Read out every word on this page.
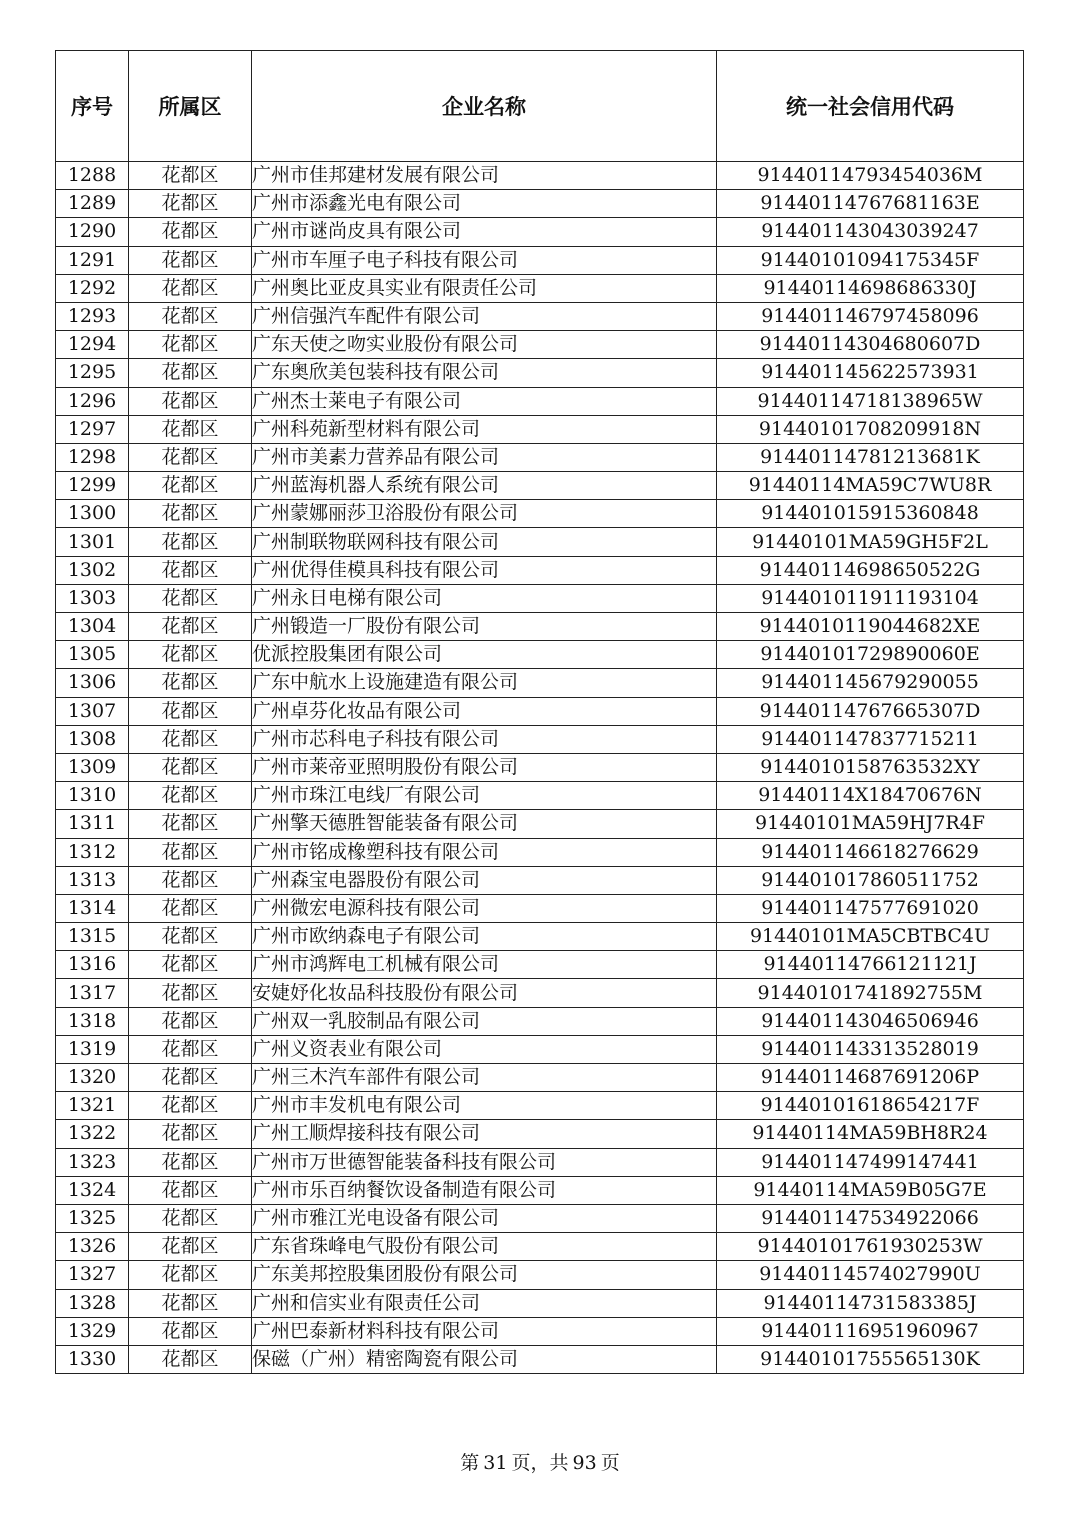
序号	所属区	企业名称	统一社会信用代码
1288	花都区	广州市佳邦建材发展有限公司	91440114793454036M
1289	花都区	广州市添鑫光电有限公司	91440114767681163E
1290	花都区	广州市谜尚皮具有限公司	914401143043039247
1291	花都区	广州市车厘子电子科技有限公司	91440101094175345F
1292	花都区	广州奥比亚皮具实业有限责任公司	91440114698686330J
1293	花都区	广州信强汽车配件有限公司	914401146797458096
1294	花都区	广东天使之吻实业股份有限公司	91440114304680607D
1295	花都区	广东奥欣美包装科技有限公司	914401145622573931
1296	花都区	广州杰士莱电子有限公司	91440114718138965W
1297	花都区	广州科苑新型材料有限公司	91440101708209918N
1298	花都区	广州市美素力营养品有限公司	91440114781213681K
1299	花都区	广州蓝海机器人系统有限公司	91440114MA59C7WU8R
1300	花都区	广州蒙娜丽莎卫浴股份有限公司	914401015915360848
1301	花都区	广州制联物联网科技有限公司	91440101MA59GH5F2L
1302	花都区	广州优得佳模具科技有限公司	91440114698650522G
1303	花都区	广州永日电梯有限公司	914401011911193104
1304	花都区	广州锻造一厂股份有限公司	9144010119044682XE
1305	花都区	优派控股集团有限公司	91440101729890060E
1306	花都区	广东中航水上设施建造有限公司	914401145679290055
1307	花都区	广州卓芬化妆品有限公司	91440114767665307D
1308	花都区	广州市芯科电子科技有限公司	914401147837715211
1309	花都区	广州市莱帝亚照明股份有限公司	9144010158763532XY
1310	花都区	广州市珠江电线厂有限公司	91440114X18470676N
1311	花都区	广州擎天德胜智能装备有限公司	91440101MA59HJ7R4F
1312	花都区	广州市铭成橡塑科技有限公司	914401146618276629
1313	花都区	广州森宝电器股份有限公司	914401017860511752
1314	花都区	广州微宏电源科技有限公司	914401147577691020
1315	花都区	广州市欧纳森电子有限公司	91440101MA5CBTBC4U
1316	花都区	广州市鸿辉电工机械有限公司	91440114766121121J
1317	花都区	安婕妤化妆品科技股份有限公司	91440101741892755M
1318	花都区	广州双一乳胶制品有限公司	914401143046506946
1319	花都区	广州义资表业有限公司	914401143313528019
1320	花都区	广州三木汽车部件有限公司	91440114687691206P
1321	花都区	广州市丰发机电有限公司	91440101618654217F
1322	花都区	广州工顺焊接科技有限公司	91440114MA59BH8R24
1323	花都区	广州市万世德智能装备科技有限公司	914401147499147441
1324	花都区	广州市乐百纳餐饮设备制造有限公司	91440114MA59B05G7E
1325	花都区	广州市雅江光电设备有限公司	914401147534922066
1326	花都区	广东省珠峰电气股份有限公司	91440101761930253W
1327	花都区	广东美邦控股集团股份有限公司	91440114574027990U
1328	花都区	广州和信实业有限责任公司	91440114731583385J
1329	花都区	广州巴泰新材料科技有限公司	914401116951960967
1330	花都区	保磁（广州）精密陶瓷有限公司	91440101755565130K
第 31 页，共 93 页
